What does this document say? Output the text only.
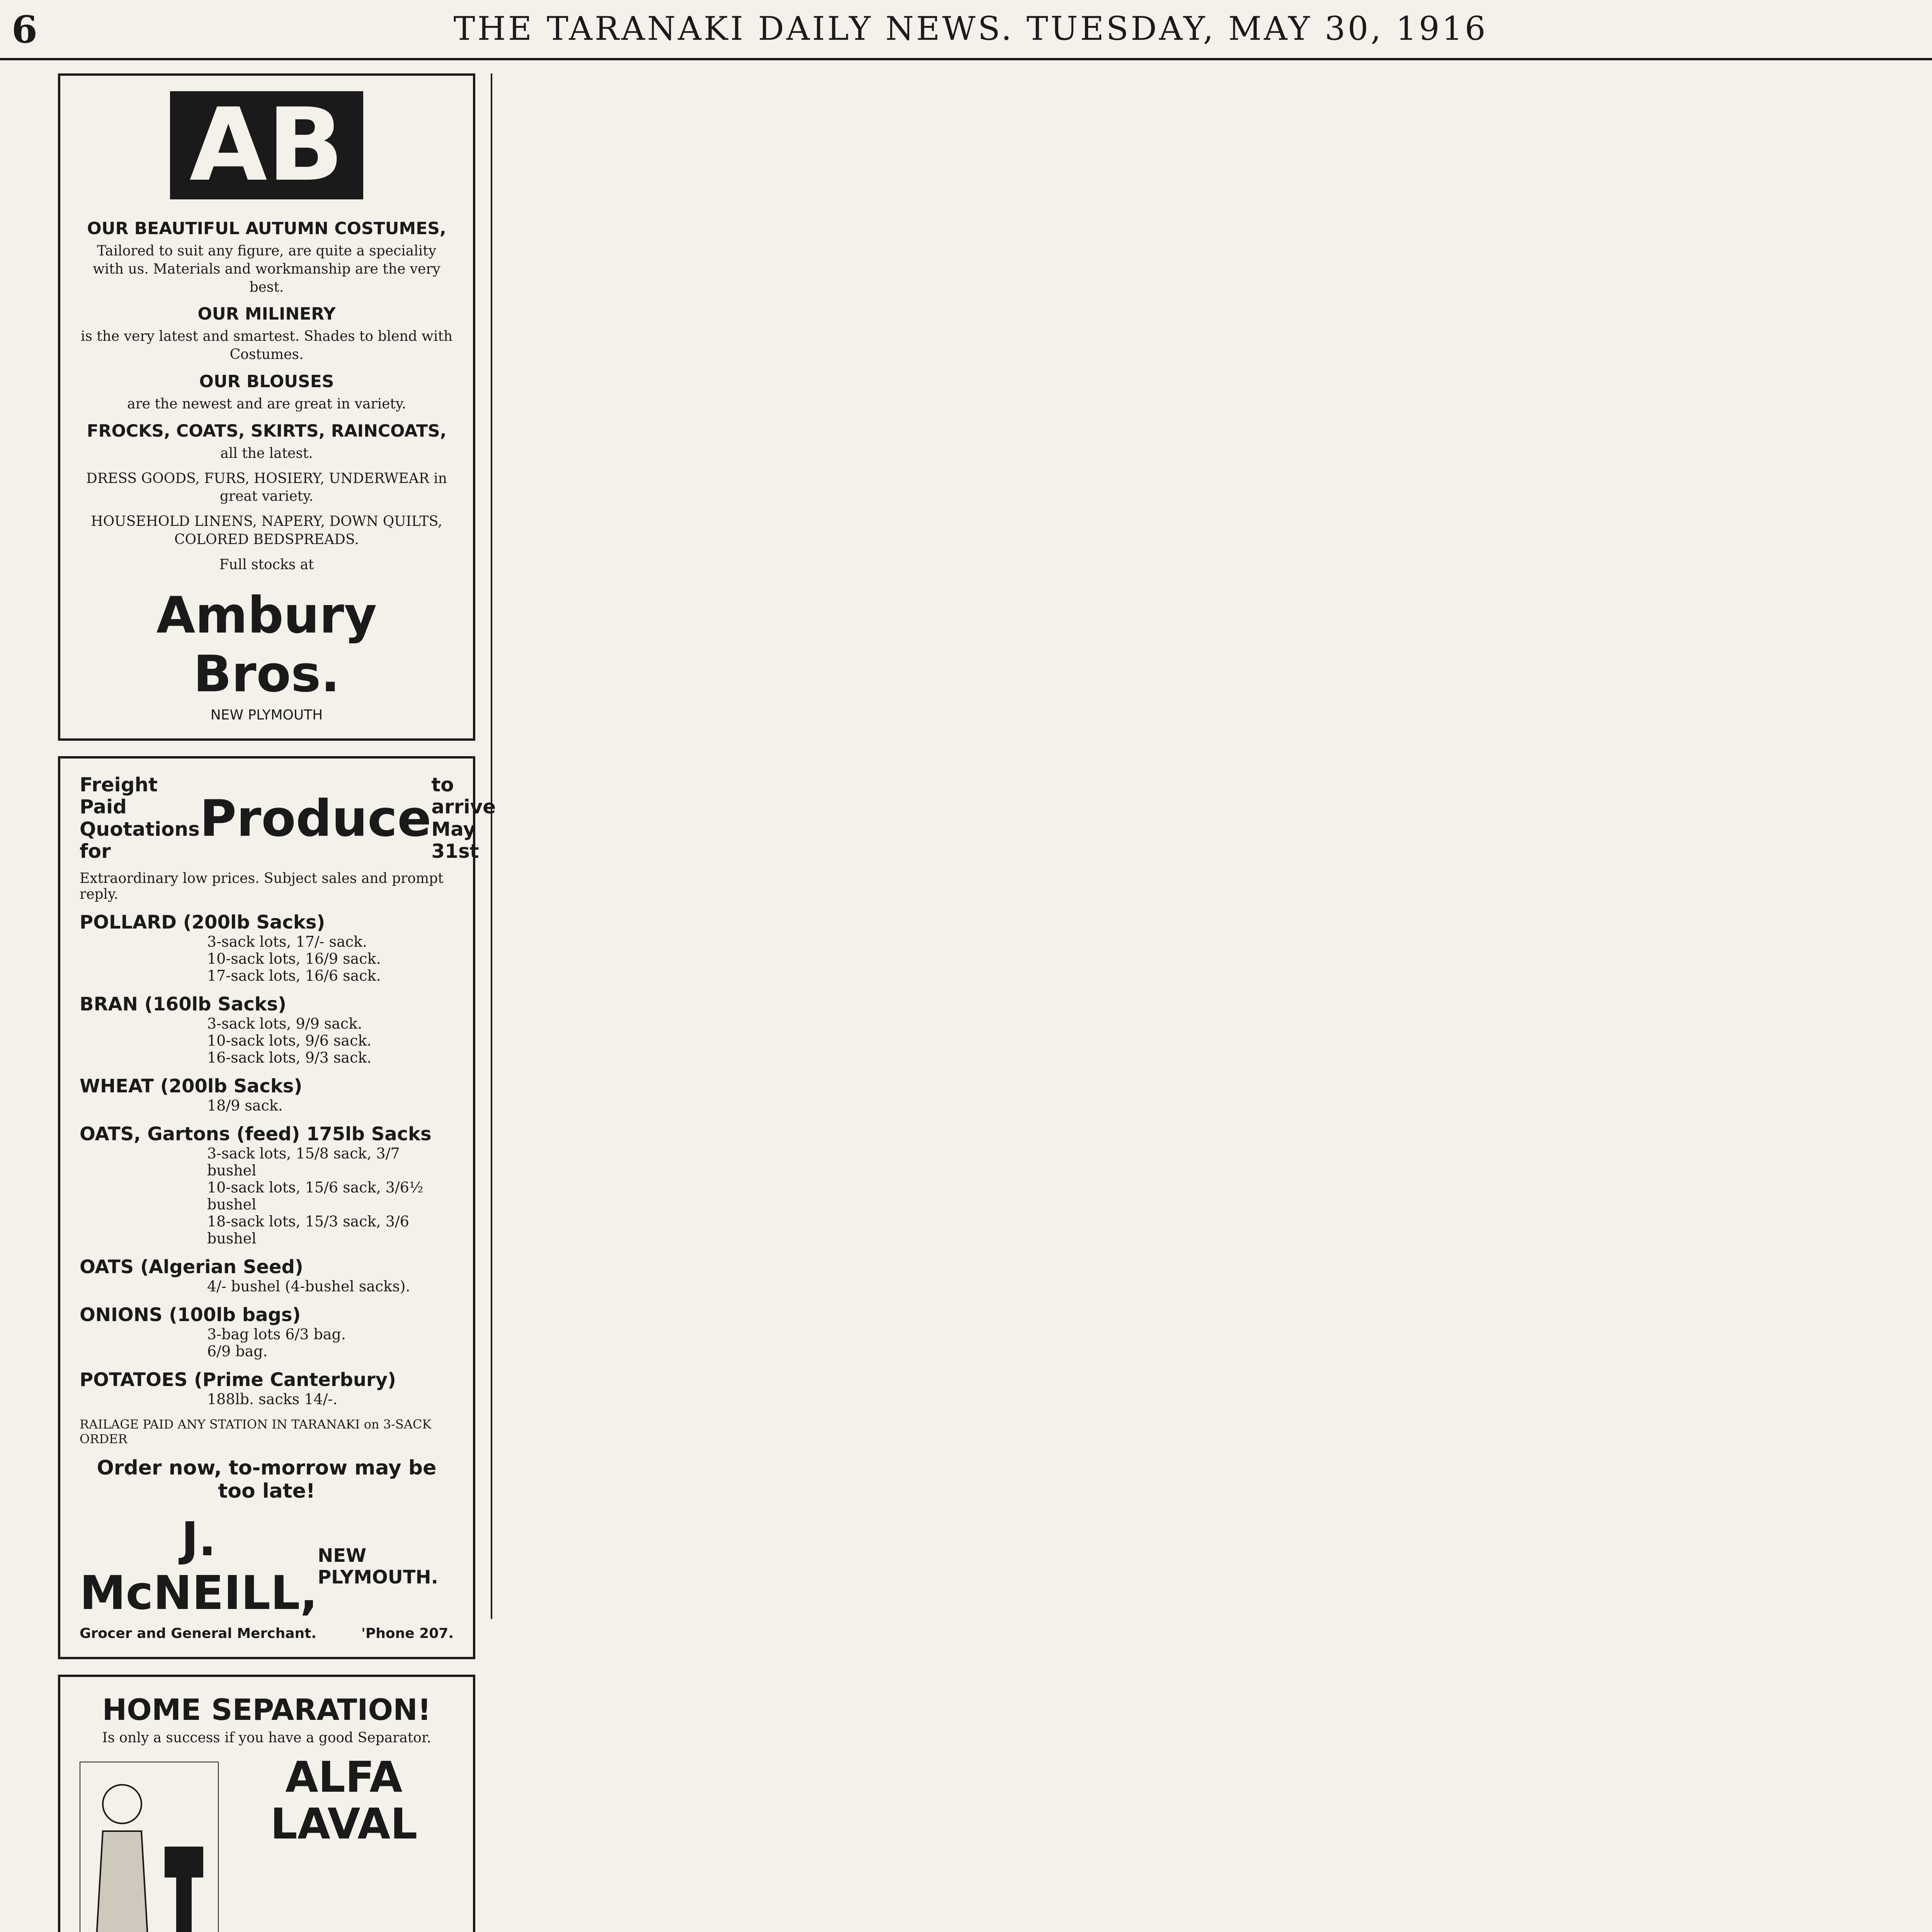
6	THE TARANAKI DAILY NEWS. TUESDAY, MAY 30, 1916
AB
OUR BEAUTIFUL AUTUMN COSTUMES,
Tailored to suit any figure, are quite a speciality with us. Materials and workmanship are the very best.
OUR MILINERY
is the very latest and smartest. Shades to blend with Costumes.
OUR BLOUSES
are the newest and are great in variety.
FROCKS, COATS, SKIRTS, RAINCOATS,
all the latest.
DRESS GOODS, FURS, HOSIERY, UNDERWEAR in great variety.
HOUSEHOLD LINENS, NAPERY, DOWN QUILTS, COLORED BEDSPREADS.
Full stocks at
Ambury Bros.
NEW PLYMOUTH
Freight Paid
Quotations for
Produce
to arrive
May 31st
Extraordinary low prices. Subject sales and prompt reply.
POLLARD (200lb Sacks)
3-sack lots, 17/- sack.
10-sack lots, 16/9 sack.
17-sack lots, 16/6 sack.
BRAN (160lb Sacks)
3-sack lots, 9/9 sack.
10-sack lots, 9/6 sack.
16-sack lots, 9/3 sack.
WHEAT (200lb Sacks)
18/9 sack.
OATS, Gartons (feed) 175lb Sacks
3-sack lots, 15/8 sack, 3/7 bushel
10-sack lots, 15/6 sack, 3/6½ bushel
18-sack lots, 15/3 sack, 3/6 bushel
OATS (Algerian Seed)
4/- bushel (4-bushel sacks).
ONIONS (100lb bags)
3-bag lots 6/3 bag.
6/9 bag.
POTATOES (Prime Canterbury)
188lb. sacks 14/-.
RAILAGE PAID ANY STATION IN TARANAKI on 3-SACK ORDER
Order now, to-morrow may be too late!
J. McNEILL,
NEW PLYMOUTH.
Grocer and General Merchant.	'Phone 207.
HOME SEPARATION!
Is only a success if you have a good Separator.
ALFA LAVAL
